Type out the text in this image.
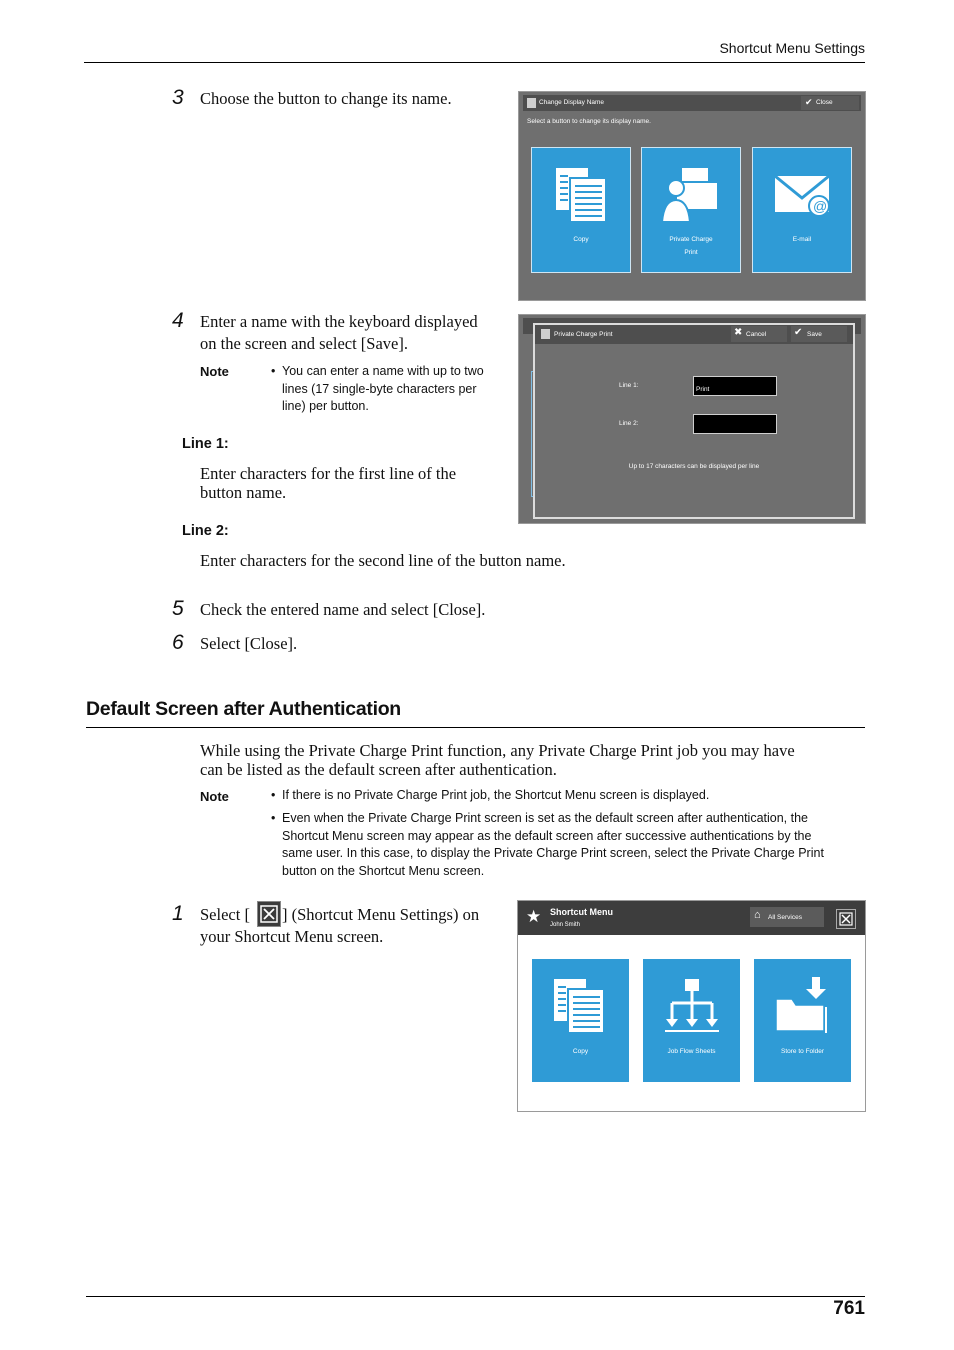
Shortcut Menu Settings
3 Choose the button to change its name.	Change Display Name	✔ Close
Select a button to change its display name.
Copy	Private Charge
Print
@
E-mail
4 Enter a name with the keyboard displayed
on the screen and select [Save].
Note	• You can enter a name with up to two
lines (17 single-byte characters per
line) per button.
Line 1:
Enter characters for the first line of the
button name.
Private Charge Print	✖ Cancel	✔ Save
Line 1:
Print
Line 2:
Up to 17 characters can be displayed per line
Line 2:
Enter characters for the second line of the button name.
5 Check the entered name and select [Close].
6 Select [Close].
Default Screen after Authentication
While using the Private Charge Print function, any Private Charge Print job you may have
can be listed as the default screen after authentication.
Note	• If there is no Private Charge Print job, the Shortcut Menu screen is displayed.
• Even when the Private Charge Print screen is set as the default screen after authentication, the
Shortcut Menu screen may appear as the default screen after successive authentications by the
same user. In this case, to display the Private Charge Print screen, select the Private Charge Print
button on the Shortcut Menu screen.
1 Select [ ] (Shortcut Menu Settings) on
your Shortcut Menu screen.
★ Shortcut Menu
John Smith
⌂ All Services
Copy	Job Flow Sheets	Store to Folder
761
